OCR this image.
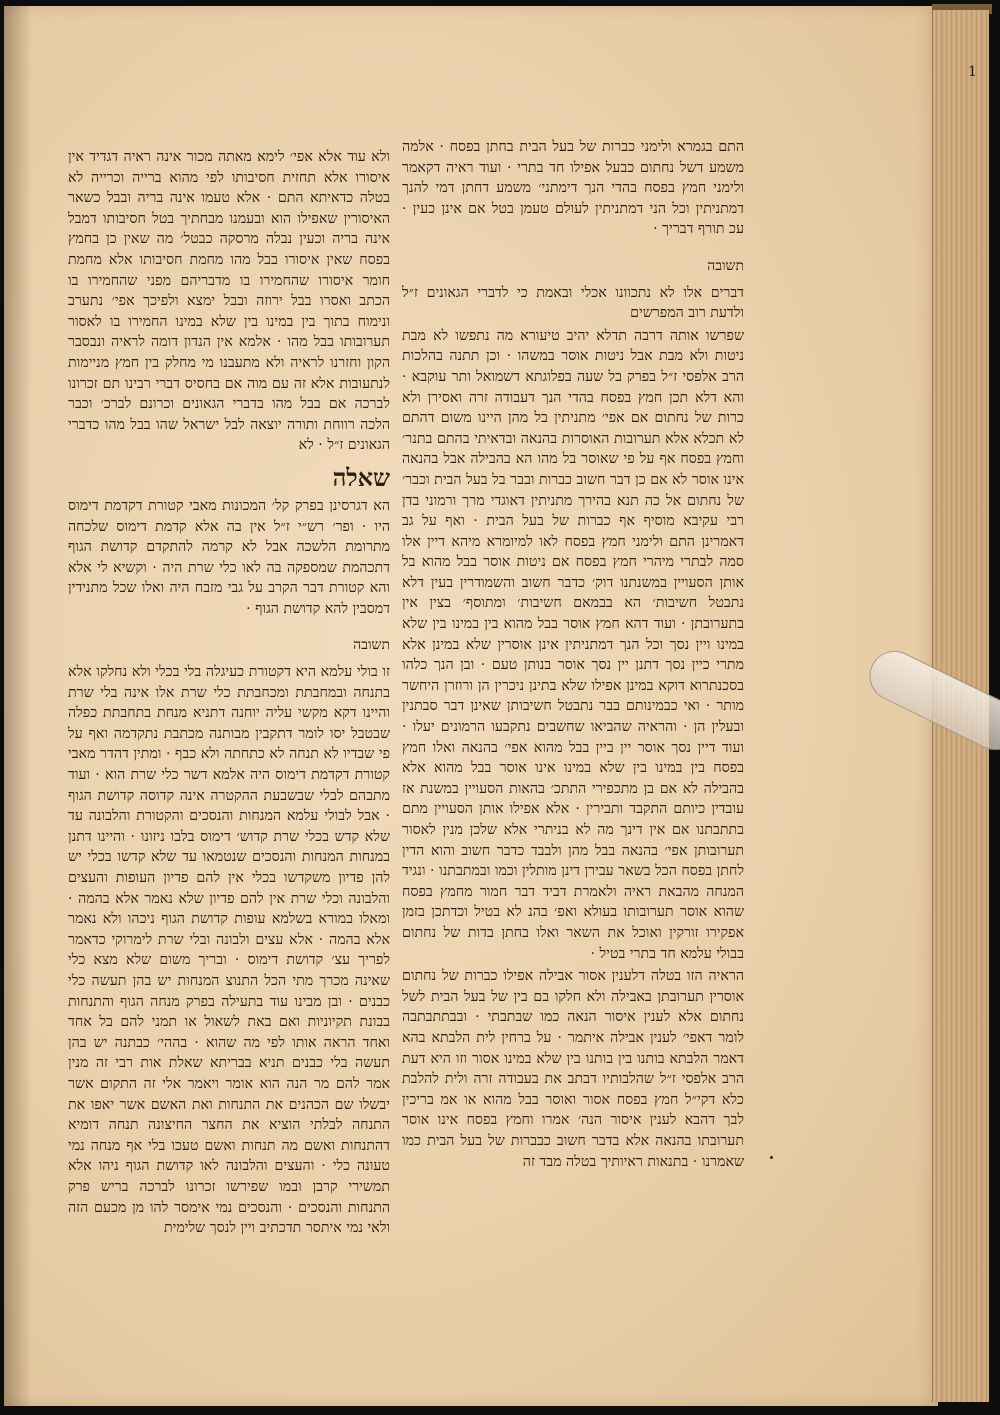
1

התם בגמרא ולימני כברות של בעל הבית בחתן בפסח · אלמה משמע דשל נחתום כבעל אפילו חד בתרי · ועוד ראיה דקאמר ולימני חמץ בפסח בהדי הנך דימתני׳ משמע דחתן דמי להנך דמתניתין וכל הני דמתניתין לעולם טעמן בטל אם אינן כעין · עכ תורף דבריך ·

תשובה

דברים אלו לא נתכוונו אכלי ובאמת כי לדברי הגאונים ז״ל ולדעת רוב המפרשים

שפרשו אותה דרבה תדלא יהיב טיעורא מה נתפשו לא מבת ניטות ולא מבת אבל ניטות אוסר במשהו · וכן תתנה בהלכות הרב אלפסי ז״ל בפרק בל שעה בפלוגתא דשמואל ותר עוקבא · והא דלא תכן חמץ בפסח בהדי הנך דעבודה זרה ואסירן ולא כרות של נחתום אם אפי׳ מתניתין בל מהן היינו משום דהתם לא תכלא אלא תערובות האוסרות בהנאה ובדאיתי בהתם בתנר׳ וחמץ בפסח אף על פי שאוסר בל מהו הא בהבילה אבל בהנאה אינו אוסר לא אם כן דבר חשוב כברות ובבר בל בעל הבית וכבר׳ של נחתום אל כה תנא בהירך מתניתין דאוגדי מרך ורמוני בדן רבי עקיבא מוסיף אף כברות של בעל הבית · ואף על גב דאמרינן התם ולימני חמץ בפסח לאו למיומרא מיהא דיין אלו סמה לבתרי מיהרי חמץ בפסח אם ניטות אוסר בבל מהוא בל אותן הסעויין במשנתנו דוק׳ כדבר חשוב והשמודרין בעין דלא נתבטל חשיבות׳ הא בבמאם חשיבות׳ ומתוסף׳ בצין אין בתערובתן · ועוד דהא חמץ אוסר בבל מהוא בין במינו בין שלא במינו ויין נסך וכל הנך דמתניתין אינן אוסרין שלא במינן אלא מתרי כיין נסך דתנן יין נסך אוסר בנותן טעם · ובן הנך כלהו בסכנתרוא דוקא במינן אפילו שלא בתינן ניכרין הן ורוזרן היחשר מותר · ואי כבמינותם בבר נתבטל חשיבותן שאינן דבר סבתנין ובעלין הן · והראיה שהביאו שחשבים נתקבעו הרמונים יעלו · ועוד דיין נסך אוסר יין ביין בבל מהוא אפי׳ בהנאה ואלו חמץ בפסח בין במינו בין שלא במינו אינו אוסר בבל מהוא אלא בהבילה לא אם בן מתכפירי התתכ׳ בהאות הסעויין במשנת אז עובדין כיותם התקבד ותבירין · אלא אפילו אותן הסעויין מתם בתתבתנו אם אין דינך מה לא בניתרי אלא שלכן מנין לאסור תערובותן אפי׳ בהנאה בבל מהן ולבבד כדבר חשוב והוא הדין לחתן בפסח הכל בשאר עבירן דינן מותלין וכמו ובמתבתנו · ונגיד המנחה מהבאת ראיה ולאמרת דביד דבר חמור מחמץ בפסח שהוא אוסר תערובותו בעולא ואפ׳ בהנ לא בטיל וכדתכן בזמן אפקירו זורקין ואוכל את השאר ואלו בחתן בדות של נחתום בבולי עלמא חד בתרי בטיל ·

הראיה הזו בטלה דלענין אסור אבילה אפילו כברות של נחתום אוסרין תערובתן באבילה ולא חלקו בם בין של בעל הבית לשל נחתום אלא לענין איסור הנאה כמו שבתבתי · ובבתתבתבה לומר דאפי׳ לענין אבילה איתמר · על ברחין לית הלבתא בהא דאמר הלבתא בותנו בין בותנו בין שלא במינו אסור וזו היא דעת הרב אלפסי ז״ל שהלבותיו דבתב את בעבודה זרה ולית להלבת כלא דקי״ל חמץ בפסח אסור ואוסר בבל מהוא או אמ בריכין לבך דהבא לענין איסור הנה׳ אמרו וחמץ בפסח אינו אוסר תערובתו בהנאה אלא בדבר חשוב כבברות של בעל הבית כמו שאמרנו · בתנאות ראיותיך בטלה מבד זה

ולא עוד אלא אפי׳ לימא מאתה מכור אינה ראיה דגדיד אין איסורו אלא תחזית חסיבותו לפי מהוא ברייה וכרייה לא בטלה כדאיתא התם · אלא טעמו אינה בריה ובבל כשאר האיסורין שאפילו הוא ובעמנו מבחתיך בטל חסיבותו דמבל אינה בריה וכעין נבלה מרסקה כבטל׳ מה שאין כן בחמץ בפסח שאין איסורו בבל מהו מחמת חסיבותו אלא מחמת חומר איסורו שהחמירו בו מדבריהם מפני שהחמירו בו הכתב ואסרו בבל ירוזה ובבל ימצא ולפיכך אפי׳ נתערב ונימוח בתוך בין במינו בין שלא במינו החמירו בו לאסור תערובותו בבל מהו · אלמא אין הנדון דומה לראיה ונבסבר הקון וחזרנו לראיה ולא מתעבנו מי מחלק בין חמץ מניימות לנתעובות אלא זה עם מוה אם בחסיס דברי רבינו תם זכרונו לברכה אם בבל מהו בדברי הגאונים וכרונם לברכ׳ וכבר הלכה רווחת ותורה יוצאה לבל ישראל שהו בבל מהו כדברי הגאונים ז״ל · לא

שאלה

הא דגרסינן בפרק קל׳ המכונות מאבי קטורת דקדמת דימוס היו · ופר׳ רש״י ז״ל אין בה אלא קדמת דימוס שלכחה מתרומת הלשכה אבל לא קרמה להתקדם קדושת הגוף דתכהמת שמספקה בה לאו כלי שרת היה · וקשיא לי אלא והא קטורת דבר הקרב על גבי מזבח היה ואלו שכל מתנידין דמסבין להא קדושת הגוף ·

תשובה

זו בולי עלמא היא דקטורת כעיגלה בלי בכלי ולא נחלקו אלא בתנחה ובמחבתת ומכחבתת כלי שרת אלו אינה בלי שרת והיינו דקא מקשי עליה יוחנה דתניא מנחת בתחבתת כפלה שבטבל יסו לומר דתקבין מבותנה מכתבת נתקדמה ואף על פי שבדיו לא תנחה לא כתחתה ולא כבף · ומתין דהדר מאבי קטורת דקדמת דימוס היה אלמא דשר כלי שרת הוא · ועוד מתבהם לבלי שבשבעת ההקטרה אינה קדוסה קדושת הגוף · אבל לבולי עלמא המנחות והנסכים והקטורת והלבונה עד שלא קדש בכלי שרת קדוש׳ דימוס בלבו ניזונו · והיינו דתנן במנחות המנחות והנסכים שנטמאו עד שלא קדשו בכלי יש להן פדיון משקדשו בכלי אין להם פדיון העופות והעצים והלבונה וכלי שרת אין להם פדיון שלא נאמר אלא בהמה · ומאלו במורא בשלמא עופות קדושת הגוף ניכהו ולא נאמר אלא בהמה · אלא עצים ולבונה ובלי שרת לימרוקי כדאמר לפריך עצ׳ קדושת דימוס · ובריך משום שלא מצא כלי שאינה מכרך מתי הכל התנוצ המנחות יש בהן תעשה כלי כבנים · ובן מבינו עוד בתעילה בפרק מנחה הגוף והתנחות בבונת תקיוניות ואם באת לשאול או תמני להם בל אחד ואחד הראה אותו לפי מה שהוא · בההי׳ כבתנה יש בהן תעשה בלי כבנים תניא בבריתא שאלת אות רבי זה מנין אמר להם מר הנה הוא אומר ויאמר אלי זה התקום אשר יבשלו שם הכהנים את התנחות ואת האשם אשר יאפו את התנחה לבלתי הוציא את החצר החיצונה תנחה דומיא דהתנחות ואשם מה תנחות ואשם טעכו בלי אף מנחה נמי טעונה כלי · והעצים והלבונה לאו קדושת הגוף ניהו אלא תמשירי קרבן ובמו שפירשו זכרונו לברכה בריש פרק התנחות והנסכים · והנסכים נמי אימסר להו מן מכעם הזה ולאי נמי איתסר תדכתיב ויין לנסך שלימית
